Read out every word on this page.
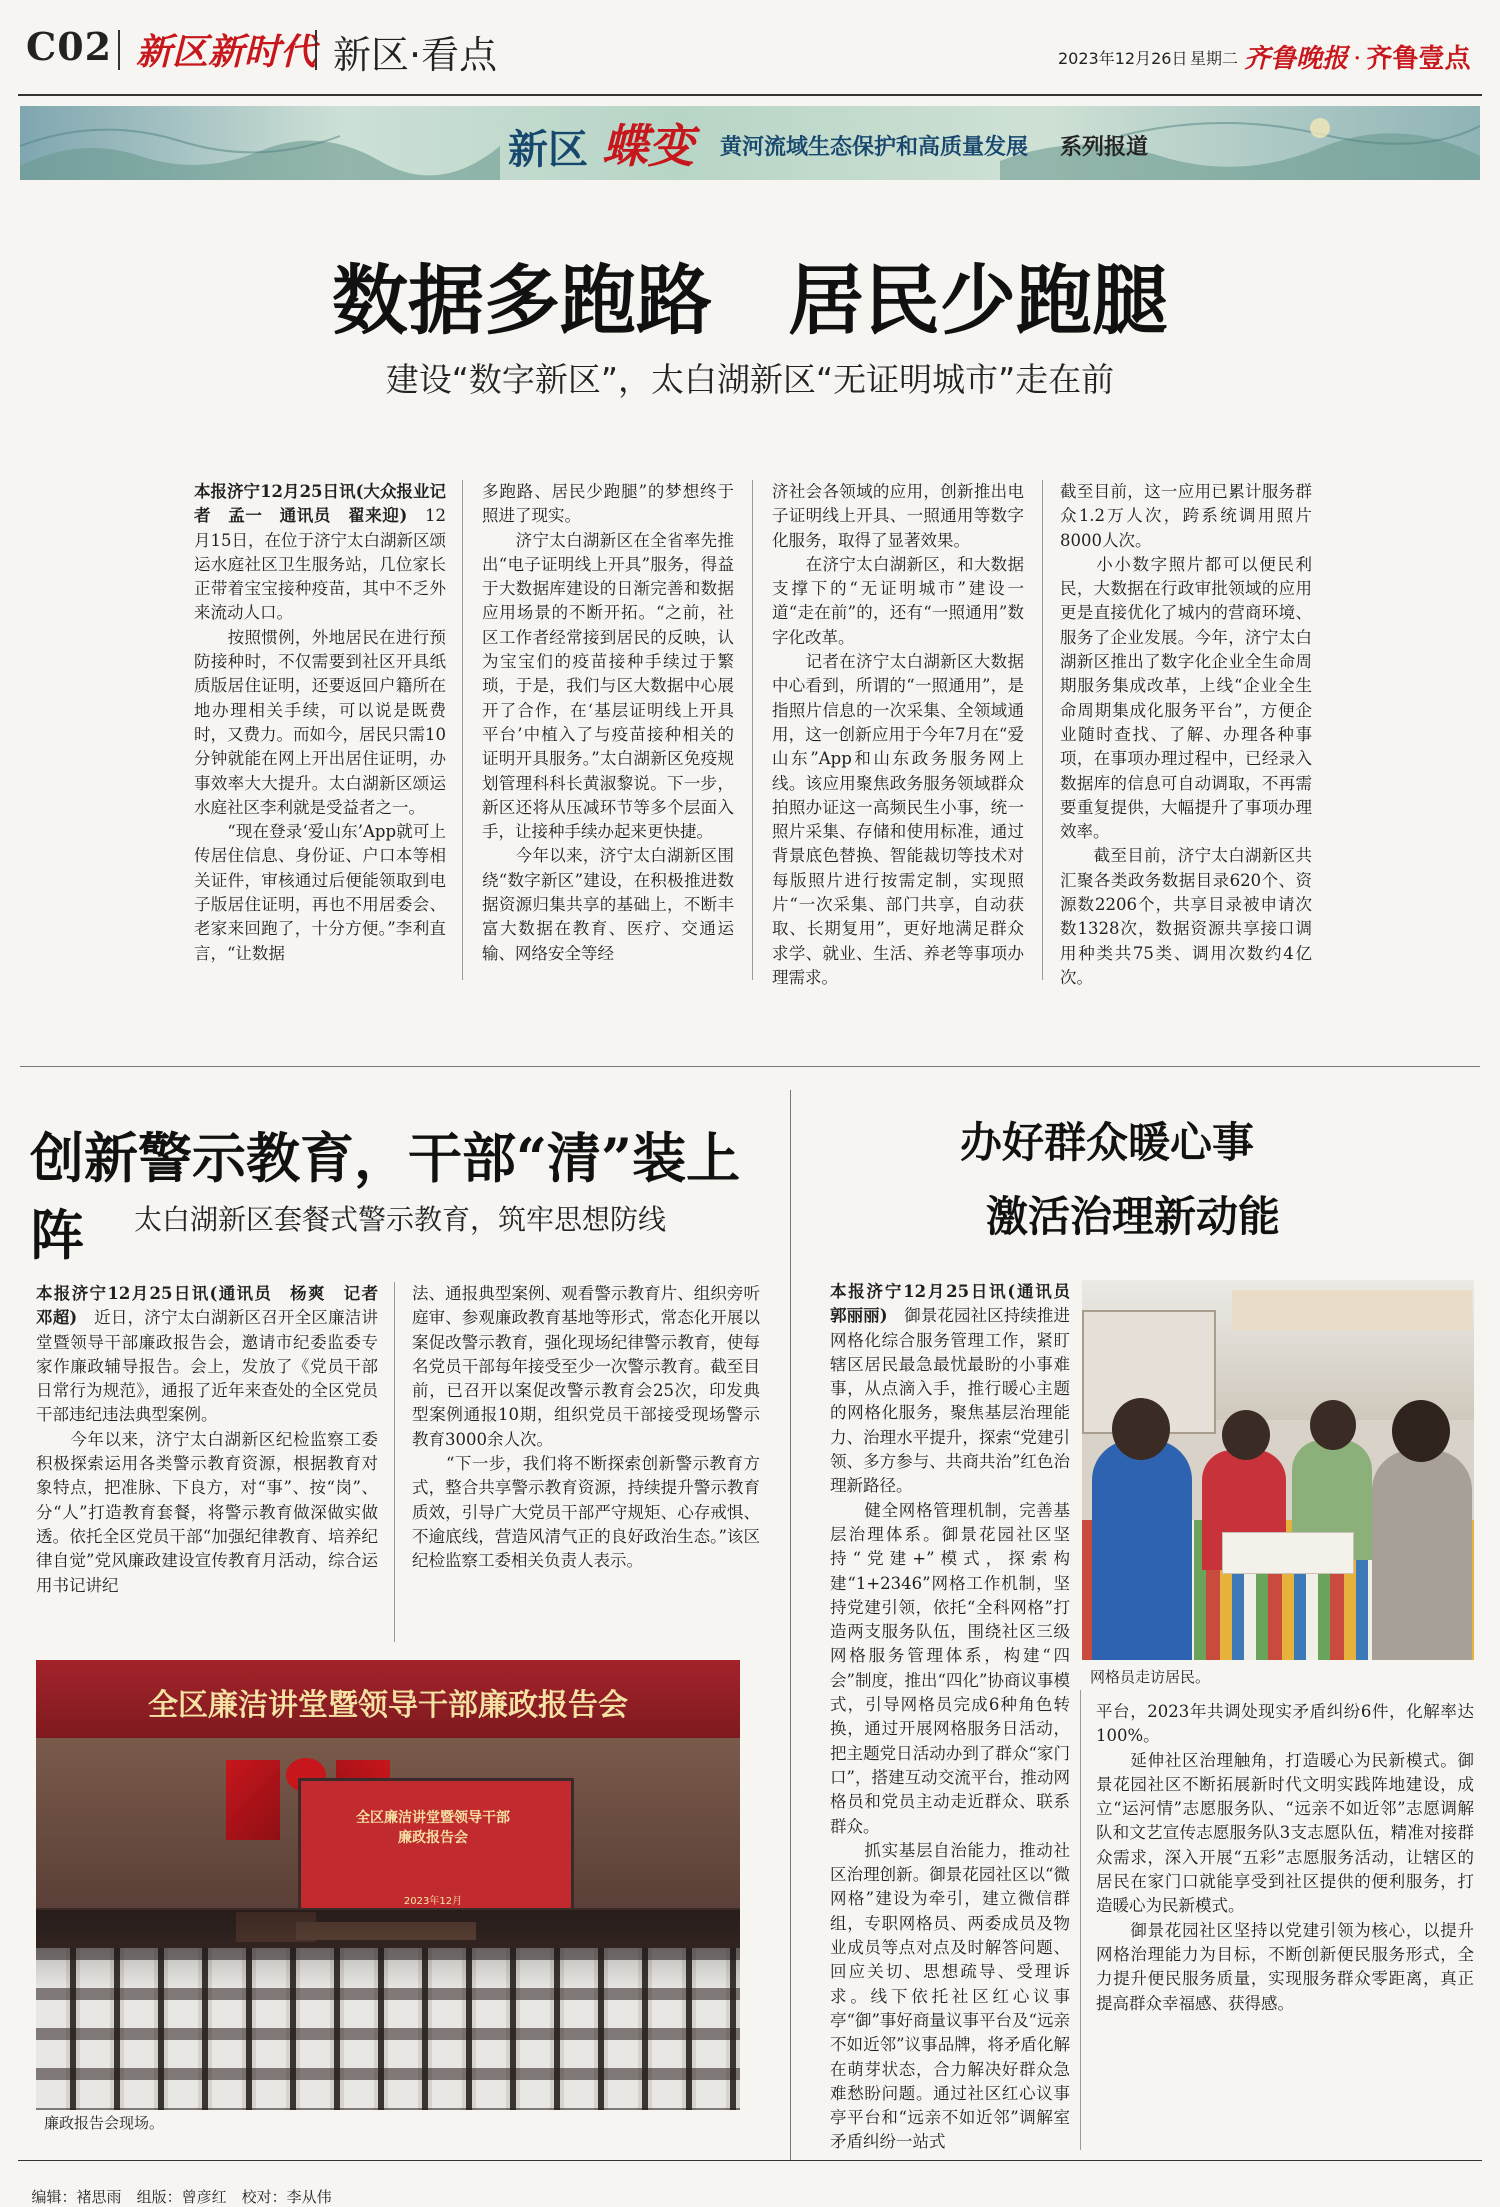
C02 新区新时代 新区·看点	2023年12月26日 星期二 齐鲁晚报 · 齐鲁壹点
新区 蝶变 黄河流域生态保护和高质量发展 系列报道
数据多跑路　居民少跑腿
建设“数字新区”，太白湖新区“无证明城市”走在前
本报济宁12月25日讯(大众报业记者　孟一　通讯员　翟来迎)　 12月15日，在位于济宁太白湖新区颂运水庭社区卫生服务站，几位家长正带着宝宝接种疫苗，其中不乏外来流动人口。
　　按照惯例，外地居民在进行预防接种时，不仅需要到社区开具纸质版居住证明，还要返回户籍所在地办理相关手续，可以说是既费时，又费力。而如今，居民只需10分钟就能在网上开出居住证明，办事效率大大提升。太白湖新区颂运水庭社区李利就是受益者之一。
　　“现在登录‘爱山东’App就可上传居住信息、身份证、户口本等相关证件，审核通过后便能领取到电子版居住证明，再也不用居委会、老家来回跑了，十分方便。”李利直言，“让数据
多跑路、居民少跑腿”的梦想终于照进了现实。
　　济宁太白湖新区在全省率先推出“电子证明线上开具”服务，得益于大数据库建设的日渐完善和数据应用场景的不断开拓。“之前，社区工作者经常接到居民的反映，认为宝宝们的疫苗接种手续过于繁琐，于是，我们与区大数据中心展开了合作，在‘基层证明线上开具平台’中植入了与疫苗接种相关的证明开具服务。”太白湖新区免疫规划管理科科长黄淑黎说。下一步，新区还将从压减环节等多个层面入手，让接种手续办起来更快捷。
　　今年以来，济宁太白湖新区围绕“数字新区”建设，在积极推进数据资源归集共享的基础上，不断丰富大数据在教育、医疗、交通运输、网络安全等经
济社会各领域的应用，创新推出电子证明线上开具、一照通用等数字化服务，取得了显著效果。
　　在济宁太白湖新区，和大数据支撑下的“无证明城市”建设一道“走在前”的，还有“一照通用”数字化改革。
　　记者在济宁太白湖新区大数据中心看到，所谓的“一照通用”，是指照片信息的一次采集、全领域通用，这一创新应用于今年7月在“爱山东”App和山东政务服务网上线。该应用聚焦政务服务领域群众拍照办证这一高频民生小事，统一照片采集、存储和使用标准，通过背景底色替换、智能裁切等技术对每版照片进行按需定制，实现照片“一次采集、部门共享，自动获取、长期复用”，更好地满足群众求学、就业、生活、养老等事项办理需求。
截至目前，这一应用已累计服务群众1.2万人次，跨系统调用照片8000人次。
　　小小数字照片都可以便民利民，大数据在行政审批领域的应用更是直接优化了城内的营商环境、服务了企业发展。今年，济宁太白湖新区推出了数字化企业全生命周期服务集成改革，上线“企业全生命周期集成化服务平台”，方便企业随时查找、了解、办理各种事项，在事项办理过程中，已经录入数据库的信息可自动调取，不再需要重复提供，大幅提升了事项办理效率。
　　截至目前，济宁太白湖新区共汇聚各类政务数据目录620个、资源数2206个，共享目录被申请次数1328次，数据资源共享接口调用种类共75类、调用次数约4亿次。
创新警示教育，干部“清”装上阵	太白湖新区套餐式警示教育，筑牢思想防线
本报济宁12月25日讯(通讯员　杨爽　记者　邓超)　 近日，济宁太白湖新区召开全区廉洁讲堂暨领导干部廉政报告会，邀请市纪委监委专家作廉政辅导报告。会上，发放了《党员干部日常行为规范》，通报了近年来查处的全区党员干部违纪违法典型案例。
　　今年以来，济宁太白湖新区纪检监察工委积极探索运用各类警示教育资源，根据教育对象特点，把准脉、下良方，对“事”、按“岗”、分“人”打造教育套餐，将警示教育做深做实做透。依托全区党员干部“加强纪律教育、培养纪律自觉”党风廉政建设宣传教育月活动，综合运用书记讲纪
法、通报典型案例、观看警示教育片、组织旁听庭审、参观廉政教育基地等形式，常态化开展以案促改警示教育，强化现场纪律警示教育，使每名党员干部每年接受至少一次警示教育。截至目前，已召开以案促改警示教育会25次，印发典型案例通报10期，组织党员干部接受现场警示教育3000余人次。
　　“下一步，我们将不断探索创新警示教育方式，整合共享警示教育资源，持续提升警示教育质效，引导广大党员干部严守规矩、心存戒惧、不逾底线，营造风清气正的良好政治生态。”该区纪检监察工委相关负责人表示。
全区廉洁讲堂暨领导干部廉政报告会
全区廉洁讲堂暨领导干部
廉政报告会
2023年12月
廉政报告会现场。
办好群众暖心事
激活治理新动能
网格员走访居民。
本报济宁12月25日讯(通讯员　郭丽丽)　 御景花园社区持续推进网格化综合服务管理工作，紧盯辖区居民最急最忧最盼的小事难事，从点滴入手，推行暖心主题的网格化服务，聚焦基层治理能力、治理水平提升，探索“党建引领、多方参与、共商共治”红色治理新路径。
　　健全网格管理机制，完善基层治理体系。御景花园社区坚持“党建+”模式，探索构建“1+2346”网格工作机制，坚持党建引领，依托“全科网格”打造两支服务队伍，围绕社区三级网格服务管理体系，构建“四会”制度，推出“四化”协商议事模式，引导网格员完成6种角色转换，通过开展网格服务日活动，把主题党日活动办到了群众“家门口”，搭建互动交流平台，推动网格员和党员主动走近群众、联系群众。
　　抓实基层自治能力，推动社区治理创新。御景花园社区以“微网格”建设为牵引，建立微信群组，专职网格员、两委成员及物业成员等点对点及时解答问题、回应关切、思想疏导、受理诉求。线下依托社区红心议事亭“御”事好商量议事平台及“远亲不如近邻”议事品牌，将矛盾化解在萌芽状态，合力解决好群众急难愁盼问题。通过社区红心议事亭平台和“远亲不如近邻”调解室矛盾纠纷一站式
平台，2023年共调处现实矛盾纠纷6件，化解率达100%。
　　延伸社区治理触角，打造暖心为民新模式。御景花园社区不断拓展新时代文明实践阵地建设，成立“运河情”志愿服务队、“远亲不如近邻”志愿调解队和文艺宣传志愿服务队3支志愿队伍，精准对接群众需求，深入开展“五彩”志愿服务活动，让辖区的居民在家门口就能享受到社区提供的便利服务，打造暖心为民新模式。
　　御景花园社区坚持以党建引领为核心，以提升网格治理能力为目标，不断创新便民服务形式，全力提升便民服务质量，实现服务群众零距离，真正提高群众幸福感、获得感。

编辑：褚思雨　 组版：曾彦红　 校对：李从伟
